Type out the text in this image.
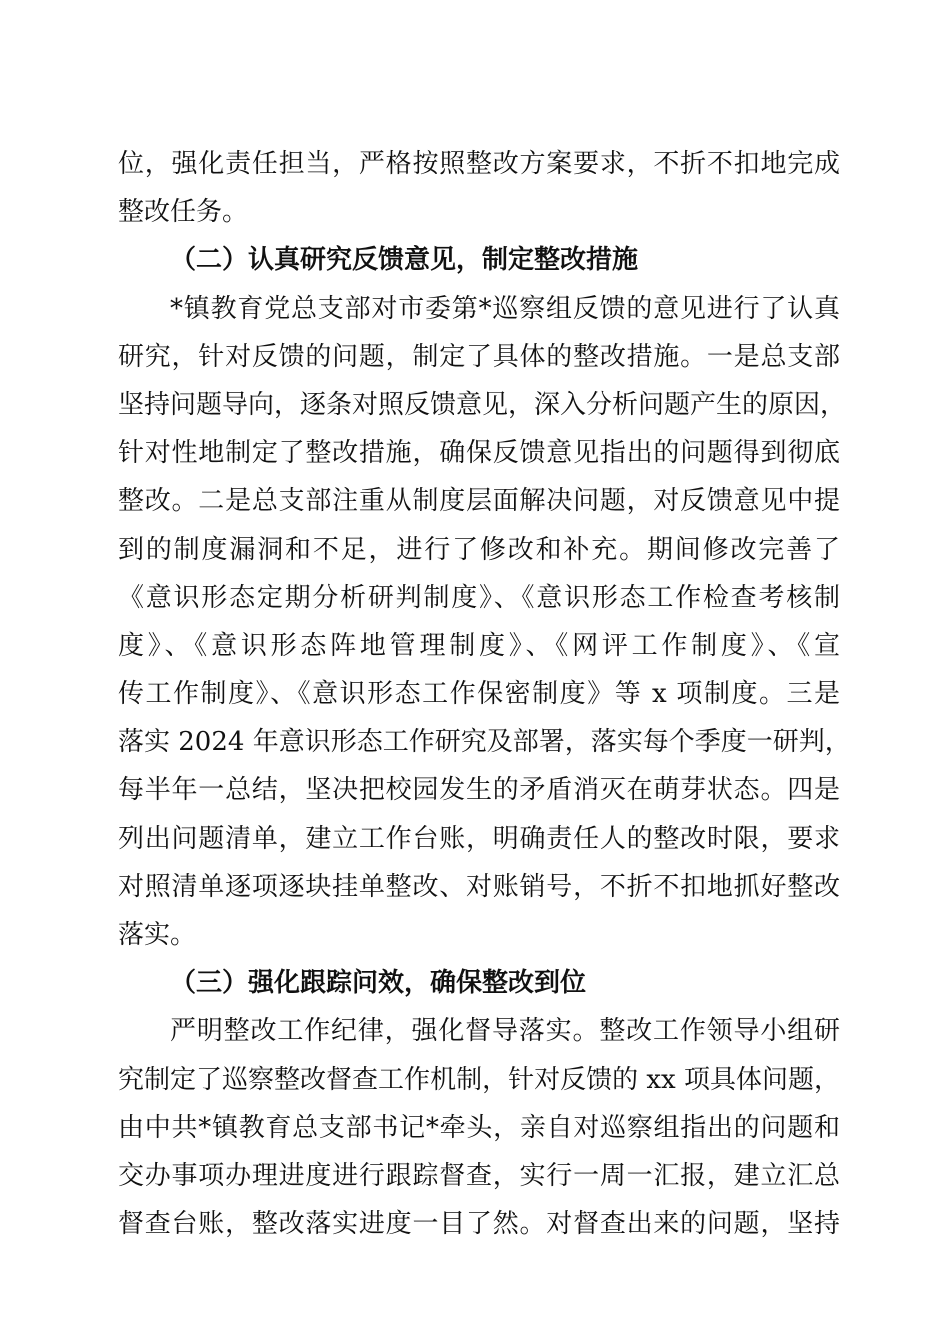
位，强化责任担当，严格按照整改方案要求，不折不扣地完成
整改任务。
（二）认真研究反馈意见，制定整改措施
*镇教育党总支部对市委第*巡察组反馈的意见进行了认真
研究，针对反馈的问题，制定了具体的整改措施。一是总支部
坚持问题导向，逐条对照反馈意见，深入分析问题产生的原因，
针对性地制定了整改措施，确保反馈意见指出的问题得到彻底
整改。二是总支部注重从制度层面解决问题，对反馈意见中提
到的制度漏洞和不足，进行了修改和补充。期间修改完善了
《意识形态定期分析研判制度》、《意识形态工作检查考核制
度》、《意识形态阵地管理制度》、《网评工作制度》、《宣
传工作制度》、《意识形态工作保密制度》等 x 项制度。三是
落实 2024 年意识形态工作研究及部署，落实每个季度一研判，
每半年一总结，坚决把校园发生的矛盾消灭在萌芽状态。四是
列出问题清单，建立工作台账，明确责任人的整改时限，要求
对照清单逐项逐块挂单整改、对账销号，不折不扣地抓好整改
落实。
（三）强化跟踪问效，确保整改到位
严明整改工作纪律，强化督导落实。整改工作领导小组研
究制定了巡察整改督查工作机制，针对反馈的 xx 项具体问题，
由中共*镇教育总支部书记*牵头，亲自对巡察组指出的问题和
交办事项办理进度进行跟踪督查，实行一周一汇报，建立汇总
督查台账，整改落实进度一目了然。对督查出来的问题，坚持
